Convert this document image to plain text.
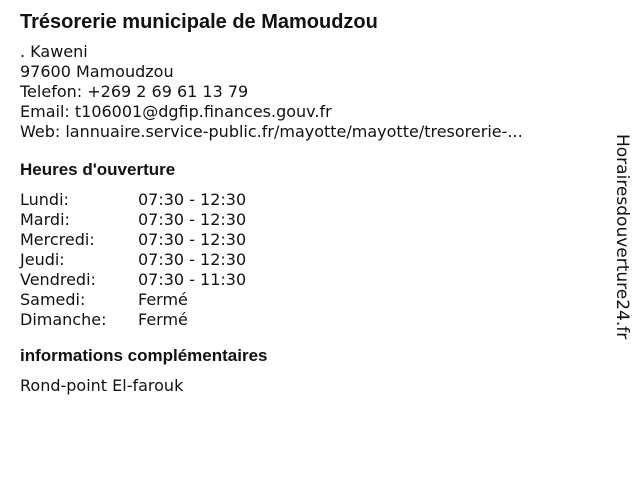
Trésorerie municipale de Mamoudzou
. Kaweni
97600 Mamoudzou
Telefon: +269 2 69 61 13 79
Email: t106001@dgfip.finances.gouv.fr
Web: lannuaire.service-public.fr/mayotte/mayotte/tresorerie-...
Heures d'ouverture
Lundi:	07:30 - 12:30
Mardi:	07:30 - 12:30
Mercredi:	07:30 - 12:30
Jeudi:	07:30 - 12:30
Vendredi:	07:30 - 11:30
Samedi:	Fermé
Dimanche:	Fermé
informations complémentaires
Rond-point El-farouk
Horairesdouverture24.fr
